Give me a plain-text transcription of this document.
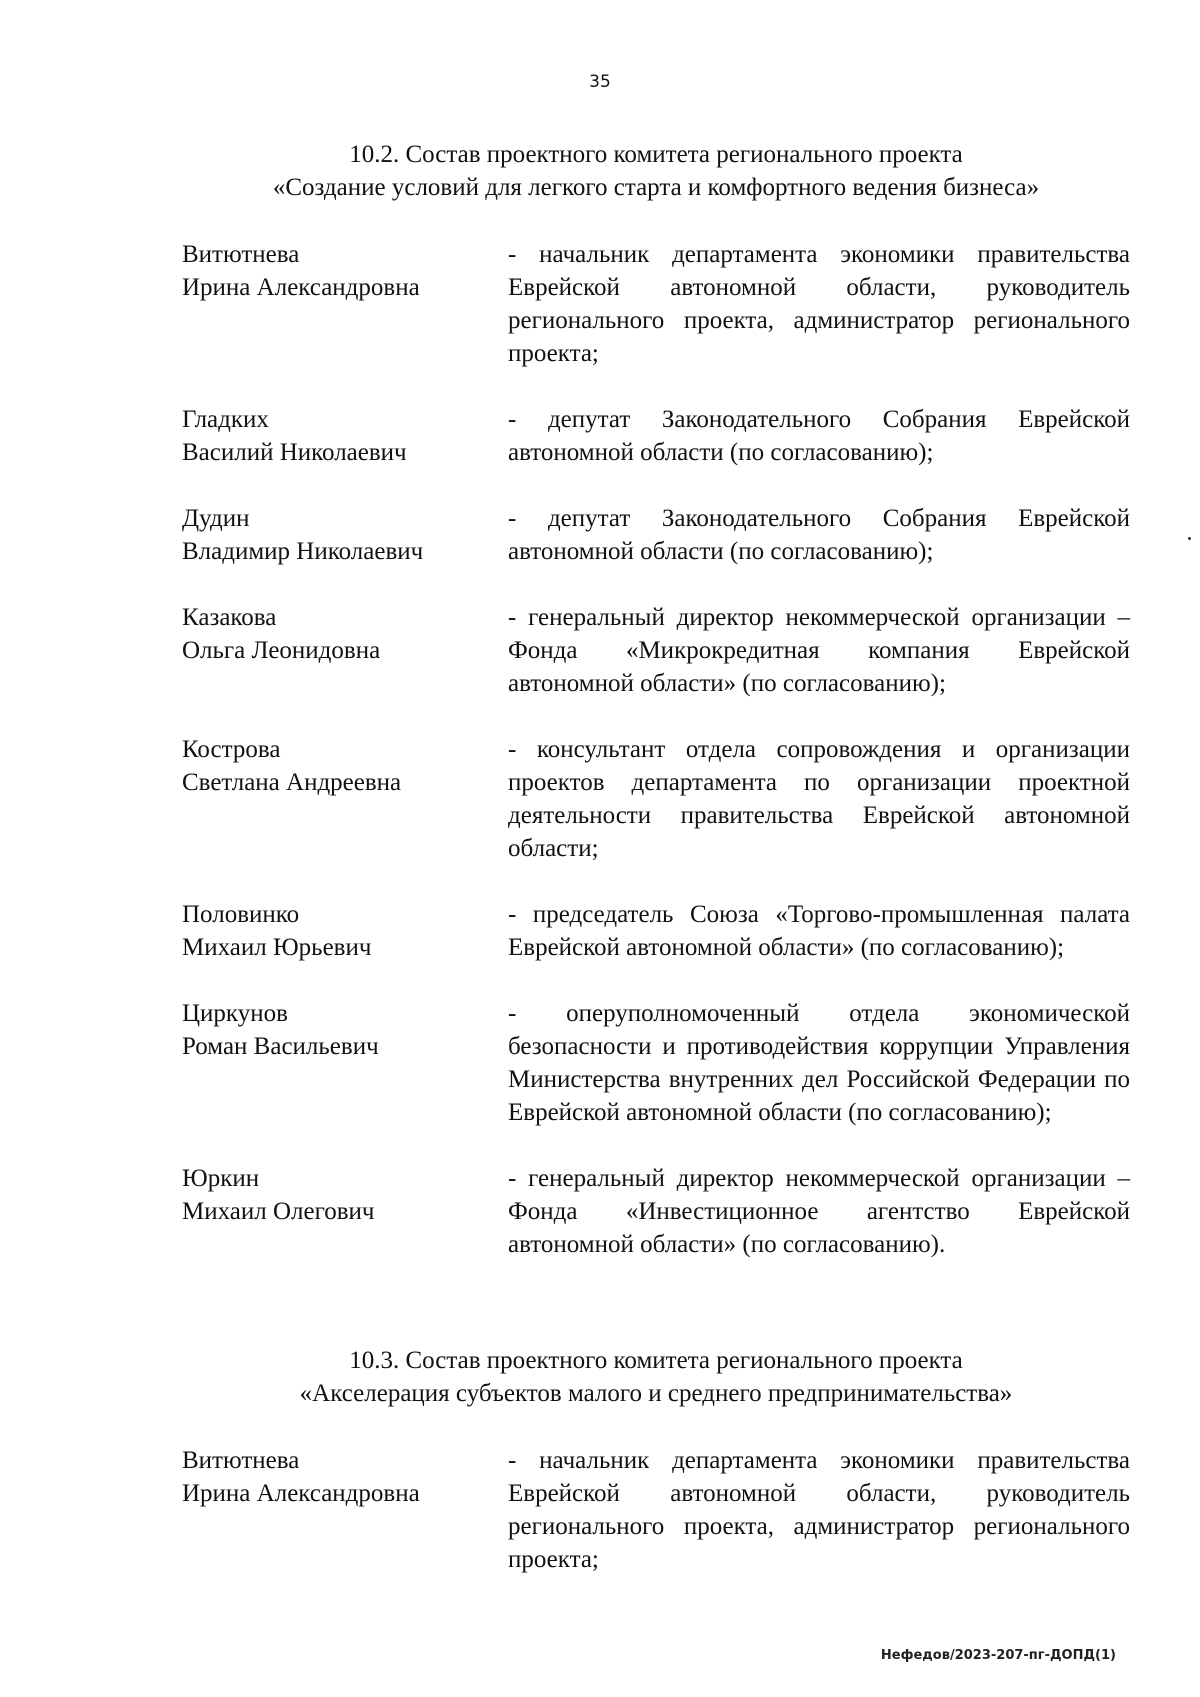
35
10.2. Состав проектного комитета регионального проекта
«Создание условий для легкого старта и комфортного ведения бизнеса»
Витютнева
Ирина Александровна
- начальник департамента экономики правительства Еврейской автономной области, руководитель регионального проекта, администратор регионального проекта;
Гладких
Василий Николаевич
- депутат Законодательного Собрания Еврейской автономной области (по согласованию);
Дудин
Владимир Николаевич
- депутат Законодательного Собрания Еврейской автономной области (по согласованию);
Казакова
Ольга Леонидовна
- генеральный директор некоммерческой организации – Фонда «Микрокредитная компания Еврейской автономной области» (по согласованию);
Кострова
Светлана Андреевна
- консультант отдела сопровождения и организации проектов департамента по организации проектной деятельности правительства Еврейской автономной области;
Половинко
Михаил Юрьевич
- председатель Союза «Торгово-промышленная палата Еврейской автономной области» (по согласованию);
Циркунов
Роман Васильевич
- оперуполномоченный отдела экономической безопасности и противодействия коррупции Управления Министерства внутренних дел Российской Федерации по Еврейской автономной области (по согласованию);
Юркин
Михаил Олегович
- генеральный директор некоммерческой организации – Фонда «Инвестиционное агентство Еврейской автономной области» (по согласованию).
10.3. Состав проектного комитета регионального проекта
«Акселерация субъектов малого и среднего предпринимательства»
Витютнева
Ирина Александровна
- начальник департамента экономики правительства Еврейской автономной области, руководитель регионального проекта, администратор регионального проекта;
Нефедов/2023-207-пг-ДОПД(1)
